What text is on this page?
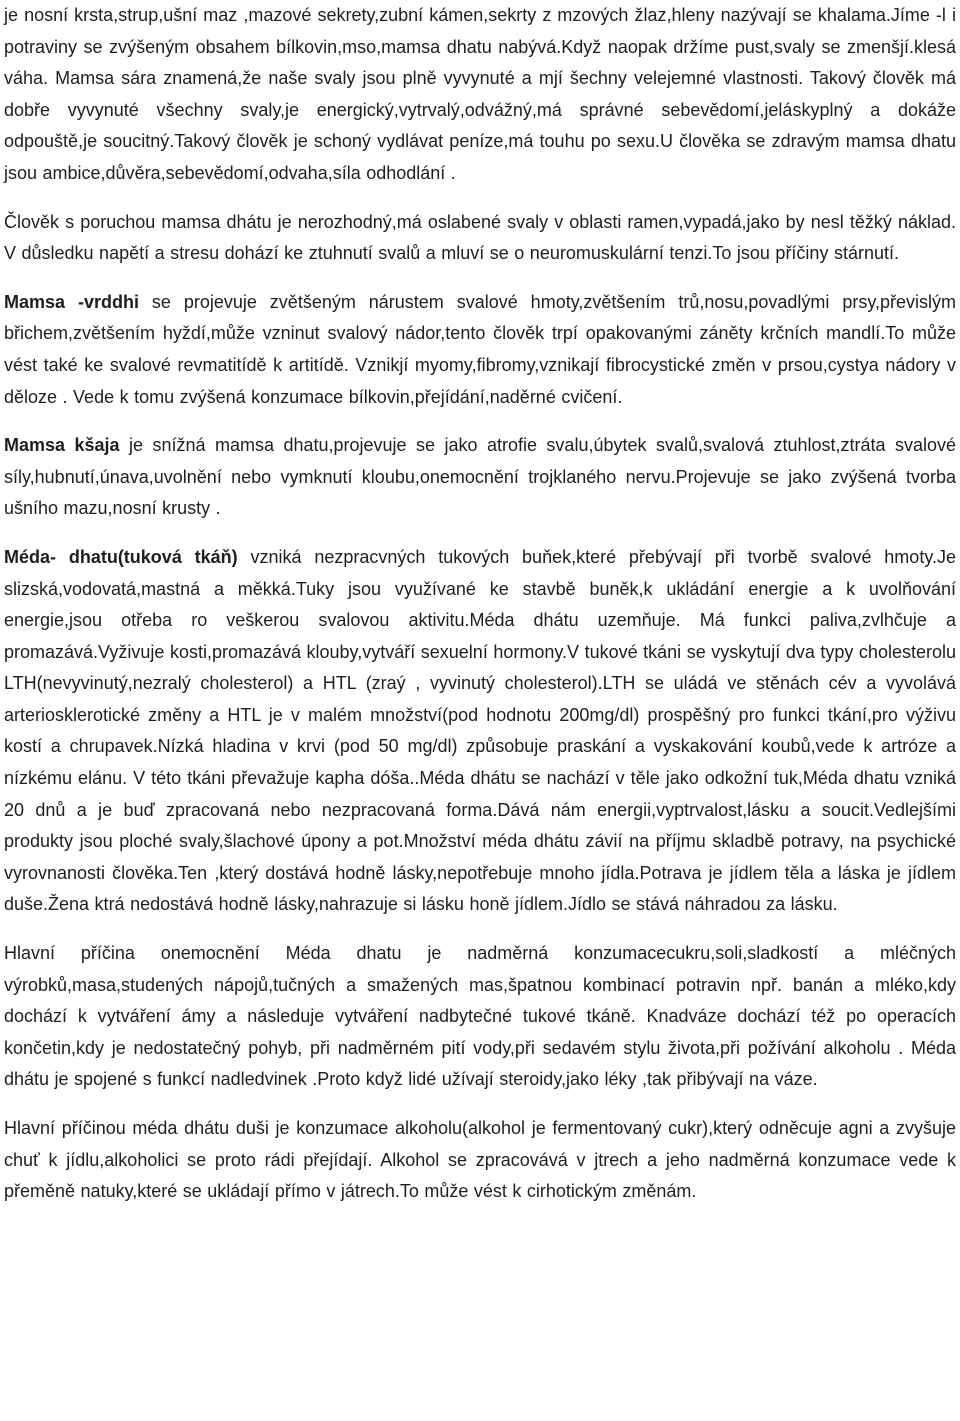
je nosní krsta,strup,ušní maz ,mazové sekrety,zubní kámen,sekrty z mzových žlaz,hleny nazývají se khalama.Jíme -l i potraviny se zvýšeným obsahem bílkovin,mso,mamsa dhatu nabývá.Když naopak držíme pust,svaly se zmenšjí.klesá váha. Mamsa sára znamená,že naše svaly jsou plně vyvynuté a mjí šechny velejemné vlastnosti. Takový člověk má dobře vyvynuté všechny svaly,je energický,vytrvalý,odvážný,má správné sebevědomí,jeláskyplný a dokáže odpouště,je soucitný.Takový člověk je schoný vydlávat peníze,má touhu po sexu.U člověka se zdravým mamsa dhatu jsou ambice,důvěra,sebevědomí,odvaha,síla odhodlání .

Člověk s poruchou mamsa dhátu je nerozhodný,má oslabené svaly v oblasti ramen,vypadá,jako by nesl těžký náklad. V důsledku napětí a stresu dohází ke ztuhnutí svalů a mluví se o neuromuskulární tenzi.To jsou příčiny stárnutí.

Mamsa -vrddhi se projevuje zvětšeným nárustem svalové hmoty,zvětšením trů,nosu,povadlými prsy,převislým břichem,zvětšením hyždí,může vzninut svalový nádor,tento člověk trpí opakovanými záněty krčních mandlí.To může vést také ke svalové revmatitídě k artitídě. Vznikjí myomy,fibromy,vznikají fibrocystické změn v prsou,cystya nádory v děloze . Vede k tomu zvýšená konzumace bílkovin,přejídání,naděrné cvičení.

Mamsa kšaja je snížná mamsa dhatu,projevuje se jako atrofie svalu,úbytek svalů,svalová ztuhlost,ztráta svalové síly,hubnutí,únava,uvolnění nebo vymknutí kloubu,onemocnění trojklaného nervu.Projevuje se jako zvýšená tvorba ušního mazu,nosní krusty .

Méda- dhatu(tuková tkáň) vzniká nezpracvných tukových buňek,které přebývají při tvorbě svalové hmoty.Je slizská,vodovatá,mastná a měkká.Tuky jsou využívané ke stavbě buněk,k ukládání energie a k uvolňování energie,jsou otřeba ro veškerou svalovou aktivitu.Méda dhátu uzemňuje. Má funkci paliva,zvlhčuje a promazává.Vyživuje kosti,promazává klouby,vytváří sexuelní hormony.V tukové tkáni se vyskytují dva typy cholesterolu LTH(nevyvinutý,nezralý cholesterol) a HTL (zraý , vyvinutý cholesterol).LTH se uládá ve stěnách cév a vyvolává arteriosklerotické změny a HTL je v malém množství(pod hodnotu 200mg/dl) prospěšný pro funkci tkání,pro výživu kostí a chrupavek.Nízká hladina v krvi (pod 50 mg/dl) způsobuje praskání a vyskakování koubů,vede k artróze a nízkému elánu. V této tkáni převažuje kapha dóša..Méda dhátu se nachází v těle jako odkožní tuk,Méda dhatu vzniká 20 dnů a je buď zpracovaná nebo nezpracovaná forma.Dává nám energii,vyptrvalost,lásku a soucit.Vedlejšími produkty jsou ploché svaly,šlachové úpony a pot.Množství méda dhátu závií na příjmu skladbě potravy, na psychické vyrovnanosti člověka.Ten ,který dostává hodně lásky,nepotřebuje mnoho jídla.Potrava je jídlem těla a láska je jídlem duše.Žena ktrá nedostává hodně lásky,nahrazuje si lásku honě jídlem.Jídlo se stává náhradou za lásku.

Hlavní příčina onemocnění Méda dhatu je nadměrná konzumacecukru,soli,sladkostí a mléčných výrobků,masa,studených nápojů,tučných a smažených mas,špatnou kombinací potravin npř. banán a mléko,kdy dochází k vytváření ámy a následuje vytváření nadbytečné tukové tkáně. Knadváze dochází též po operacích končetin,kdy je nedostatečný pohyb, při nadměrném pití vody,při sedavém stylu života,při požívání alkoholu . Méda dhátu je spojené s funkcí nadledvinek .Proto když lidé užívají steroidy,jako léky ,tak přibývají na váze.

Hlavní příčinou méda dhátu duši je konzumace alkoholu(alkohol je fermentovaný cukr),který odněcuje agni a zvyšuje chuť k jídlu,alkoholici se proto rádi přejídají. Alkohol se zpracovává v jtrech a jeho nadměrná konzumace vede k přeměně natuky,které se ukládají přímo v játrech.To může vést k cirhotickým změnám.
